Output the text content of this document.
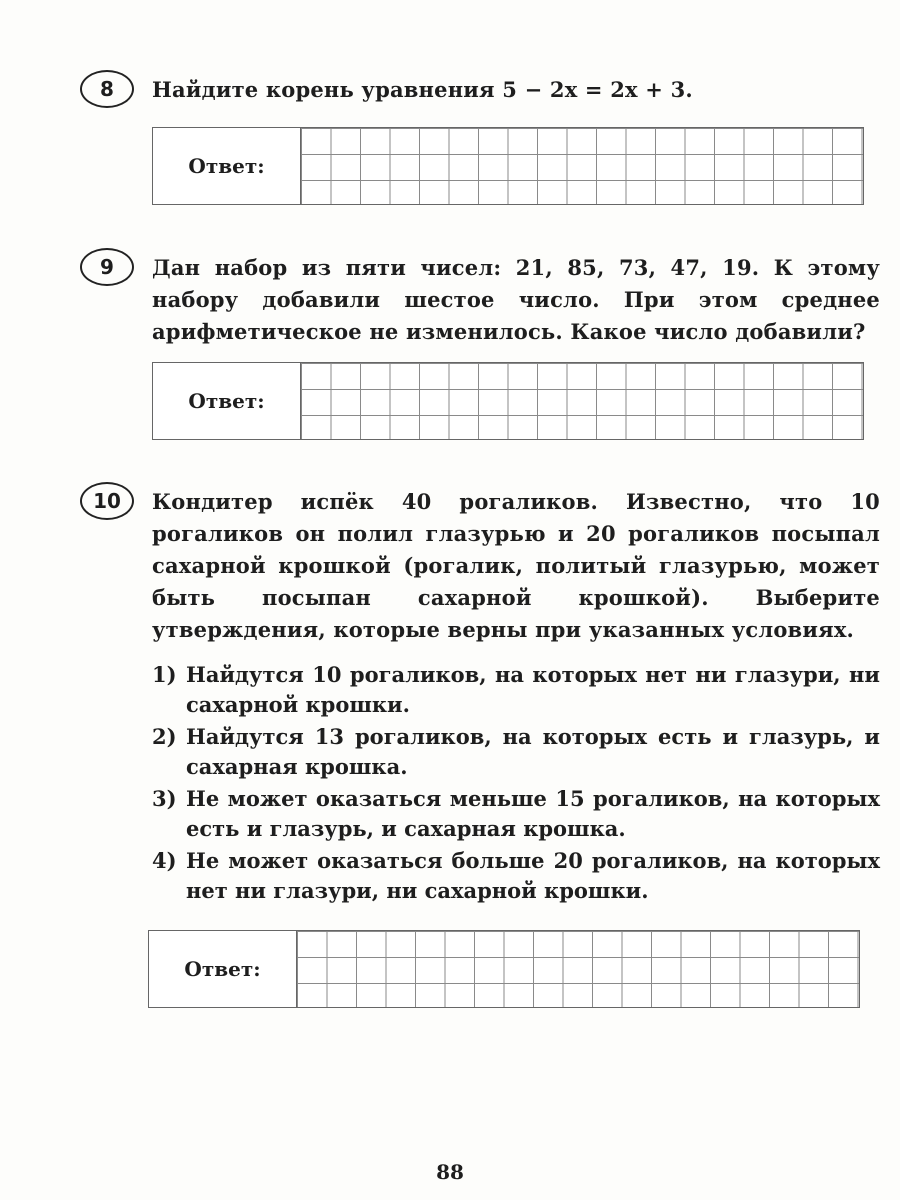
8	Найдите корень уравнения 5 − 2x = 2x + 3.
Ответ:
9	Дан набор из пяти чисел: 21, 85, 73, 47, 19. К этому набору добавили шестое число. При этом среднее арифметическое не изменилось. Какое число добавили?
Ответ:
10	Кондитер испёк 40 рогаликов. Известно, что 10 рогаликов он полил глазурью и 20 рогаликов посыпал сахарной крошкой (рогалик, политый глазурью, может быть посыпан сахарной крошкой). Выберите утверждения, которые верны при указанных условиях.
1) Найдутся 10 рогаликов, на которых нет ни глазури, ни сахарной крошки.
2) Найдутся 13 рогаликов, на которых есть и глазурь, и сахарная крошка.
3) Не может оказаться меньше 15 рогаликов, на которых есть и глазурь, и сахарная крошка.
4) Не может оказаться больше 20 рогаликов, на которых нет ни глазури, ни сахарной крошки.
Ответ:
88
